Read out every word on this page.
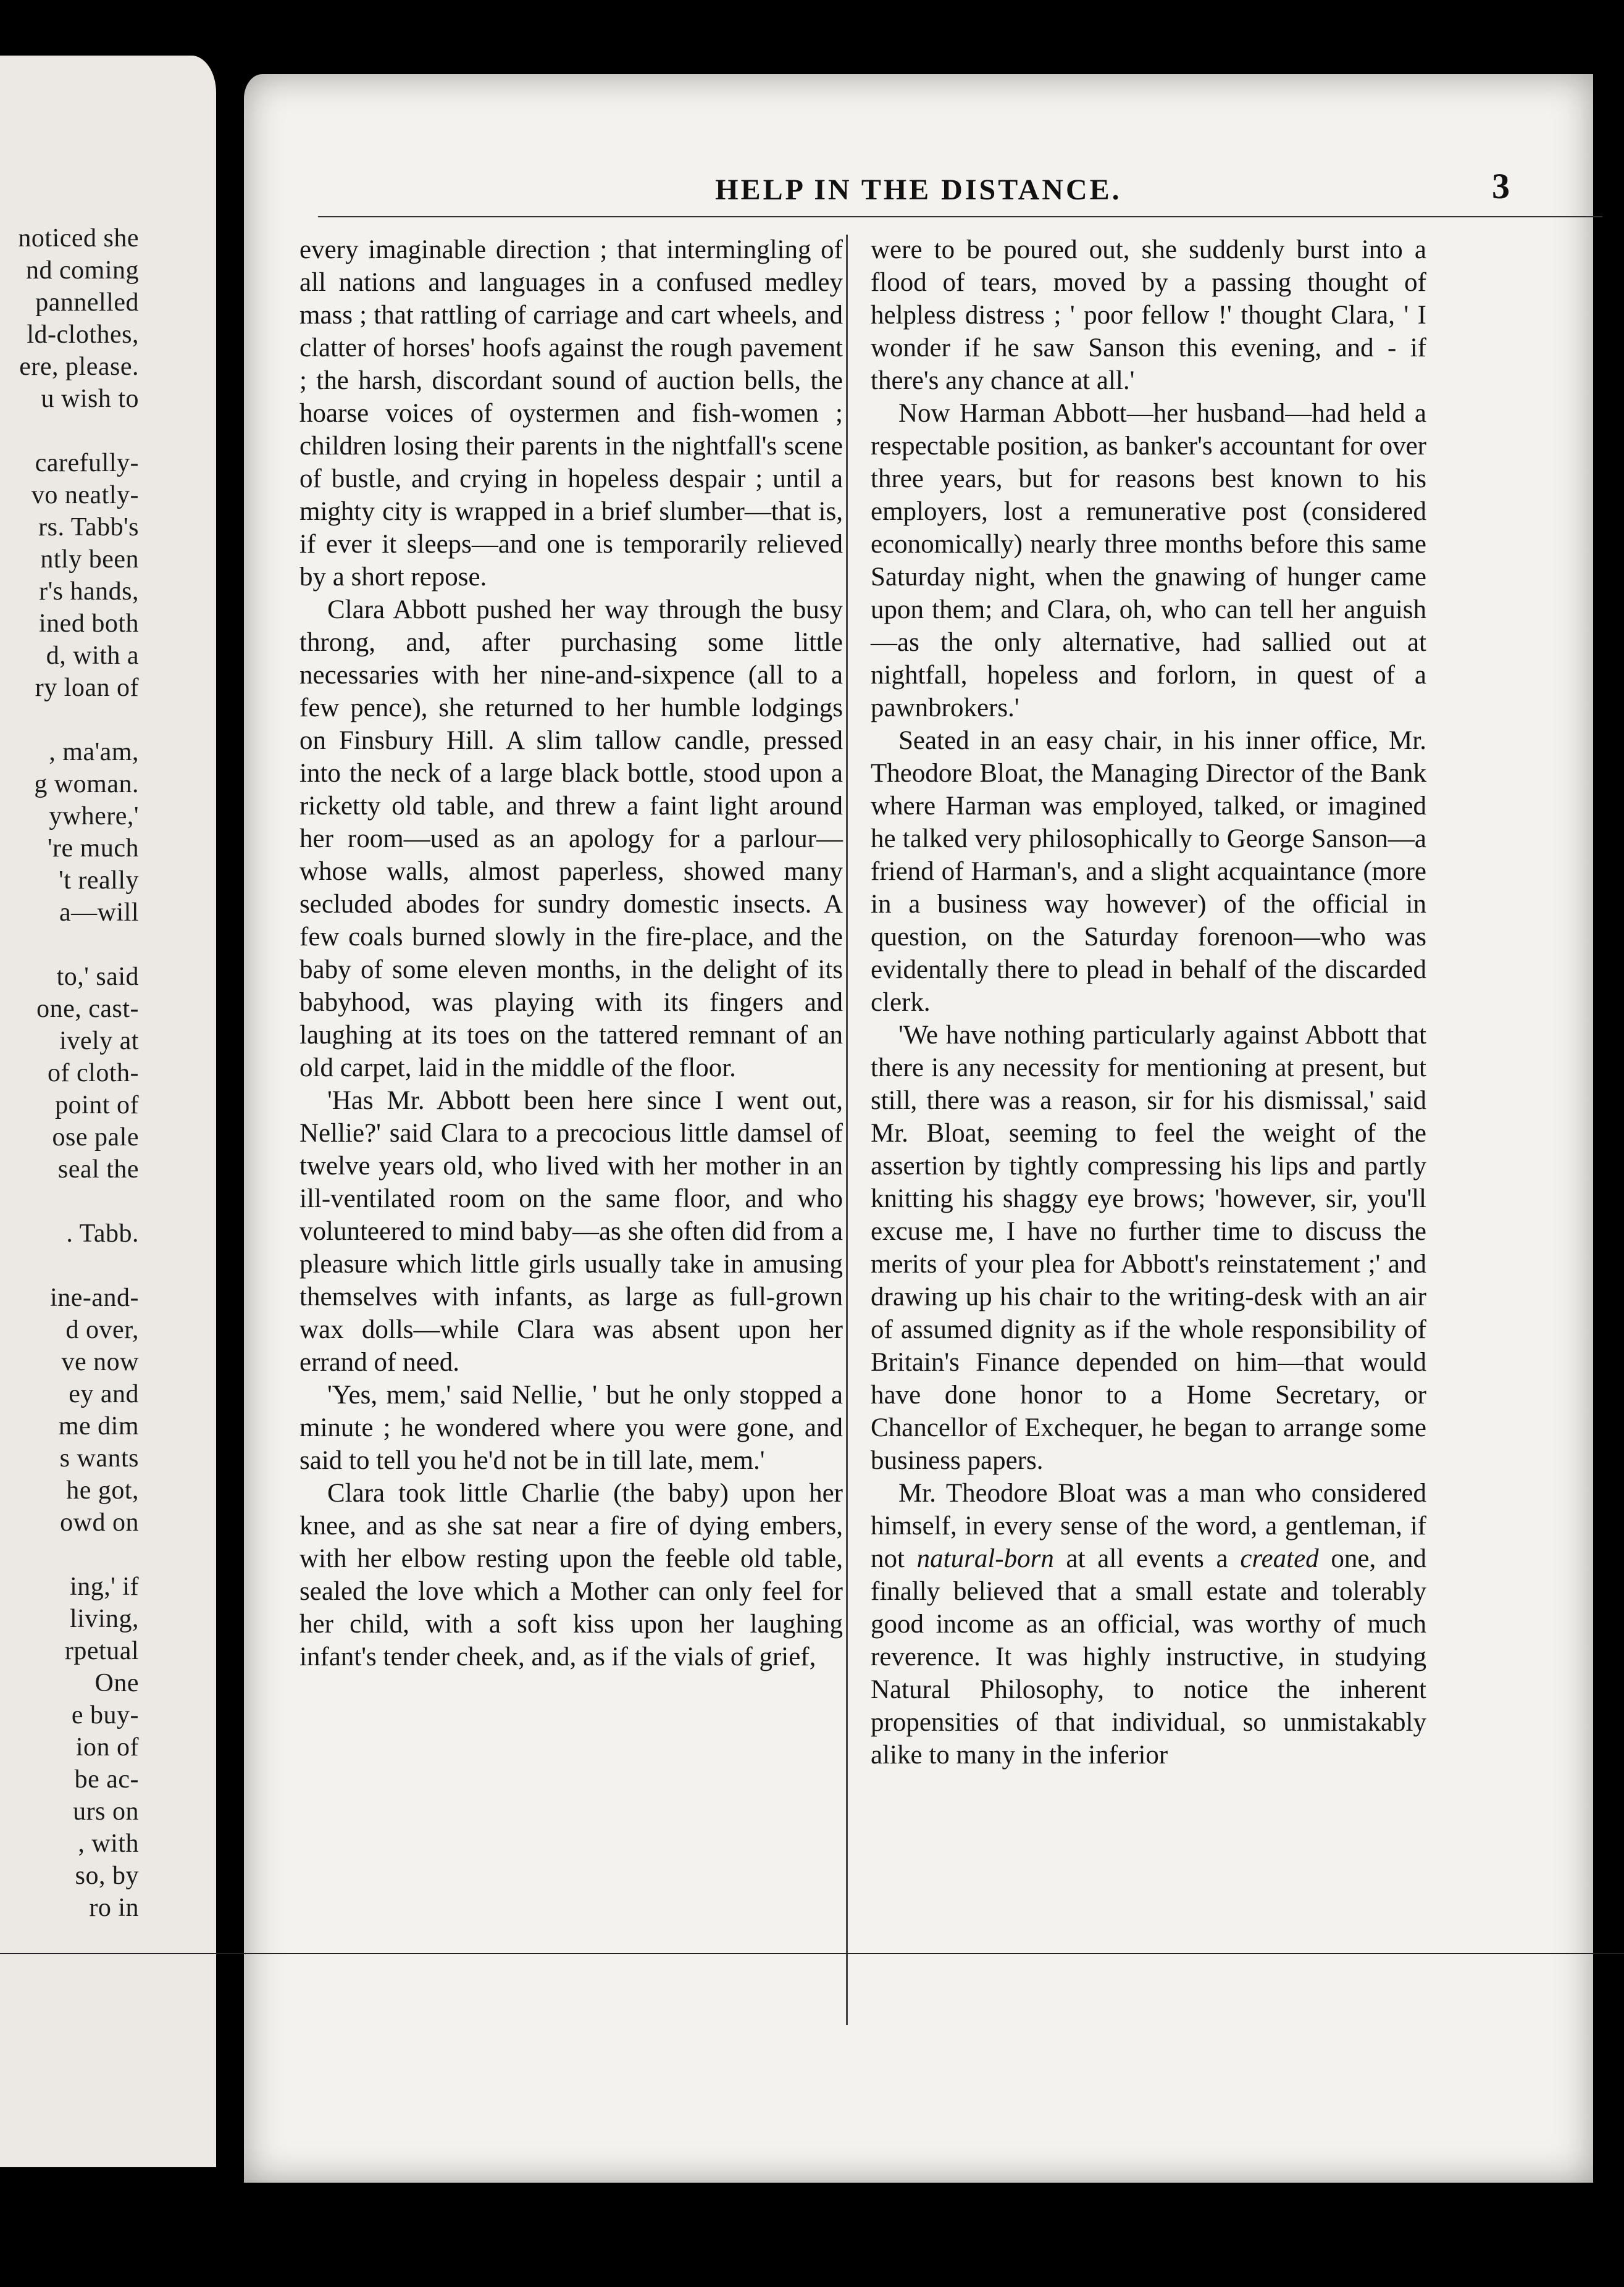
noticed she
nd coming
pannelled
ld-clothes,
ere, please.
u wish to
carefully-
vo neatly-
rs. Tabb's
ntly been
r's hands,
ined both
d, with a
ry loan of
, ma'am,
g woman.
ywhere,'
're much
't really
a—will
to,' said
one, cast-
ively at
of cloth-
point of
ose pale
seal the
. Tabb.
ine-and-
d over,
ve now
ey and
me dim
s wants
he got,
owd on
ing,' if
living,
rpetual
One
e buy-
ion of
be ac-
urs on
, with
so, by
ro in
HELP IN THE DISTANCE.	3

every imaginable direction ; that intermingling of all nations and languages in a confused medley mass ; that rattling of carriage and cart wheels, and clatter of horses' hoofs against the rough pavement ; the harsh, discordant sound of auction bells, the hoarse voices of oystermen and fish-women ; children losing their parents in the nightfall's scene of bustle, and crying in hopeless despair ; until a mighty city is wrapped in a brief slumber—that is, if ever it sleeps—and one is temporarily relieved by a short repose.

Clara Abbott pushed her way through the busy throng, and, after purchasing some little necessaries with her nine-and-sixpence (all to a few pence), she returned to her humble lodgings on Finsbury Hill. A slim tallow candle, pressed into the neck of a large black bottle, stood upon a ricketty old table, and threw a faint light around her room—used as an apology for a parlour—whose walls, almost paperless, showed many secluded abodes for sundry domestic insects. A few coals burned slowly in the fire-place, and the baby of some eleven months, in the delight of its babyhood, was playing with its fingers and laughing at its toes on the tattered remnant of an old carpet, laid in the middle of the floor.

'Has Mr. Abbott been here since I went out, Nellie?' said Clara to a precocious little damsel of twelve years old, who lived with her mother in an ill-ventilated room on the same floor, and who volunteered to mind baby—as she often did from a pleasure which little girls usually take in amusing themselves with infants, as large as full-grown wax dolls—while Clara was absent upon her errand of need.

'Yes, mem,' said Nellie, ' but he only stopped a minute ; he wondered where you were gone, and said to tell you he'd not be in till late, mem.'

Clara took little Charlie (the baby) upon her knee, and as she sat near a fire of dying embers, with her elbow resting upon the feeble old table, sealed the love which a Mother can only feel for her child, with a soft kiss upon her laughing infant's tender cheek, and, as if the vials of grief,

were to be poured out, she suddenly burst into a flood of tears, moved by a passing thought of helpless distress ; ' poor fellow !' thought Clara, ' I wonder if he saw Sanson this evening, and - if there's any chance at all.'

Now Harman Abbott—her husband—had held a respectable position, as banker's accountant for over three years, but for reasons best known to his employers, lost a remunerative post (considered economically) nearly three months before this same Saturday night, when the gnawing of hunger came upon them; and Clara, oh, who can tell her anguish—as the only alternative, had sallied out at nightfall, hopeless and forlorn, in quest of a pawnbrokers.'

Seated in an easy chair, in his inner office, Mr. Theodore Bloat, the Managing Director of the Bank where Harman was employed, talked, or imagined he talked very philosophically to George Sanson—a friend of Harman's, and a slight acquaintance (more in a business way however) of the official in question, on the Saturday forenoon—who was evidentally there to plead in behalf of the discarded clerk.

'We have nothing particularly against Abbott that there is any necessity for mentioning at present, but still, there was a reason, sir for his dismissal,' said Mr. Bloat, seeming to feel the weight of the assertion by tightly compressing his lips and partly knitting his shaggy eye brows; 'however, sir, you'll excuse me, I have no further time to discuss the merits of your plea for Abbott's reinstatement ;' and drawing up his chair to the writing-desk with an air of assumed dignity as if the whole responsibility of Britain's Finance depended on him—that would have done honor to a Home Secretary, or Chancellor of Exchequer, he began to arrange some business papers.

Mr. Theodore Bloat was a man who considered himself, in every sense of the word, a gentleman, if not natural-born at all events a created one, and finally believed that a small estate and tolerably good income as an official, was worthy of much reverence. It was highly instructive, in studying Natural Philosophy, to notice the inherent propensities of that individual, so unmistakably alike to many in the inferior
